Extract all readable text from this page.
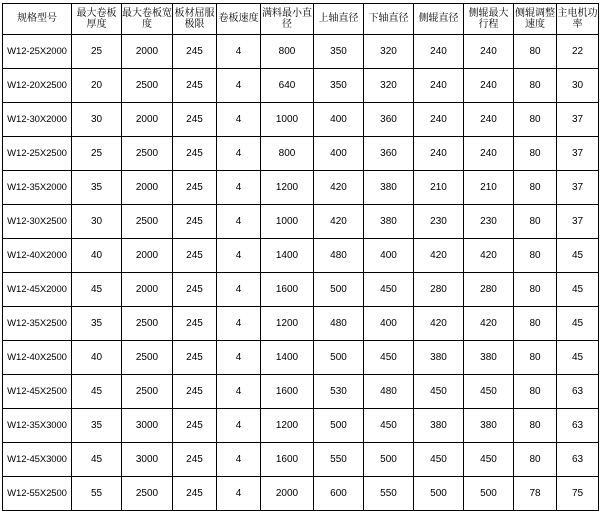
规格型号	最大卷板厚度	最大卷板宽度	板材屈服极限	卷板速度	满料最小直径	上轴直径	下轴直径	侧辊直径	侧辊最大行程	侧辊调整速度	主电机功率
W12-25X2000	25	2000	245	4	800	350	320	240	240	80	22
W12-20X2500	20	2500	245	4	640	350	320	240	240	80	30
W12-30X2000	30	2000	245	4	1000	400	360	240	240	80	37
W12-25X2500	25	2500	245	4	800	400	360	240	240	80	37
W12-35X2000	35	2000	245	4	1200	420	380	210	210	80	37
W12-30X2500	30	2500	245	4	1000	420	380	230	230	80	37
W12-40X2000	40	2000	245	4	1400	480	400	420	420	80	45
W12-45X2000	45	2000	245	4	1600	500	450	280	280	80	45
W12-35X2500	35	2500	245	4	1200	480	400	420	420	80	45
W12-40X2500	40	2500	245	4	1400	500	450	380	380	80	45
W12-45X2500	45	2500	245	4	1600	530	480	450	450	80	63
W12-35X3000	35	3000	245	4	1200	500	450	380	380	80	63
W12-45X3000	45	3000	245	4	1600	550	500	450	450	80	63
W12-55X2500	55	2500	245	4	2000	600	550	500	500	78	75
